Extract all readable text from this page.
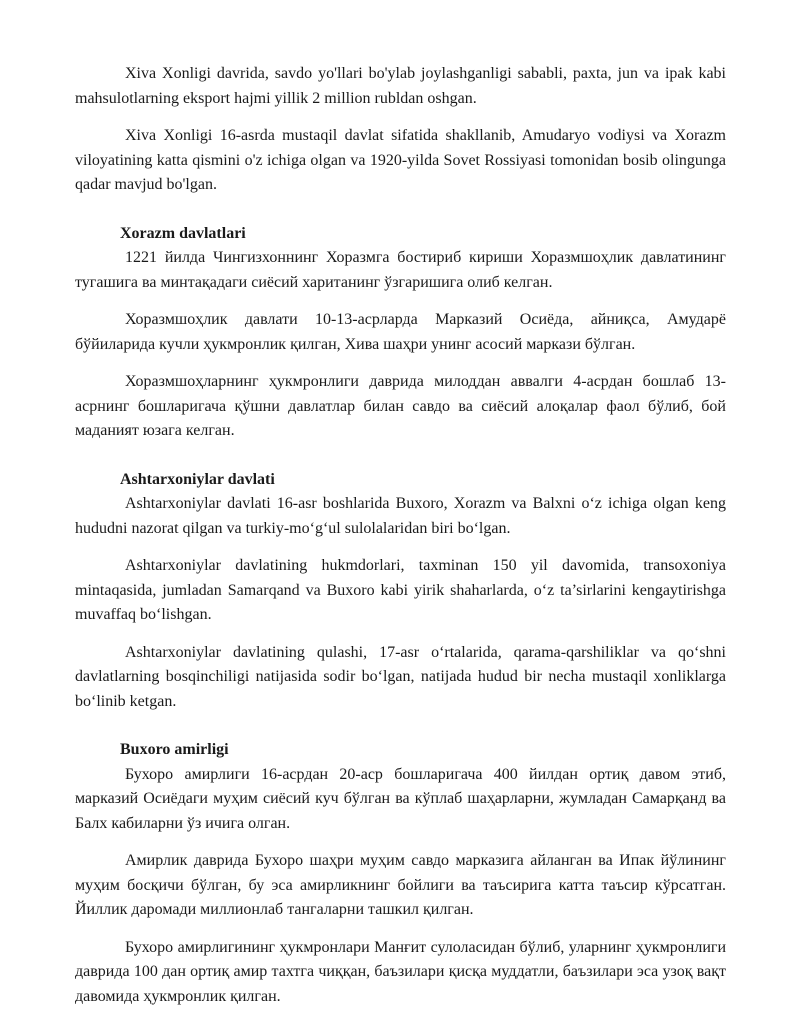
Xiva Xonligi davrida, savdo yo'llari bo'ylab joylashganligi sababli, paxta, jun va ipak kabi mahsulotlarning eksport hajmi yillik 2 million rubldan oshgan.

Xiva Xonligi 16-asrda mustaqil davlat sifatida shakllanib, Amudaryo vodiysi va Xorazm viloyatining katta qismini o'z ichiga olgan va 1920-yilda Sovet Rossiyasi tomonidan bosib olingunga qadar mavjud bo'lgan.

Xorazm davlatlari

1221 йилда Чингизхоннинг Хоразмга бостириб кириши Хоразмшоҳлик давлатининг тугашига ва минтақадаги сиёсий хаританинг ўзгаришига олиб келган.

Хоразмшоҳлик давлати 10-13-асрларда Марказий Осиёда, айниқса, Амударё бўйиларида кучли ҳукмронлик қилган, Хива шаҳри унинг асосий маркази бўлган.

Хоразмшоҳларнинг ҳукмронлиги даврида милоддан аввалги 4-асрдан бошлаб 13-асрнинг бошларигача қўшни давлатлар билан савдо ва сиёсий алоқалар фаол бўлиб, бой маданият юзага келган.

Ashtarxoniylar davlati

Ashtarxoniylar davlati 16-asr boshlarida Buxoro, Xorazm va Balxni o‘z ichiga olgan keng hududni nazorat qilgan va turkiy-mo‘g‘ul sulolalaridan biri bo‘lgan.

Ashtarxoniylar davlatining hukmdorlari, taxminan 150 yil davomida, transoxoniya mintaqasida, jumladan Samarqand va Buxoro kabi yirik shaharlarda, o‘z ta’sirlarini kengaytirishga muvaffaq bo‘lishgan.

Ashtarxoniylar davlatining qulashi, 17-asr o‘rtalarida, qarama-qarshiliklar va qo‘shni davlatlarning bosqinchiligi natijasida sodir bo‘lgan, natijada hudud bir necha mustaqil xonliklarga bo‘linib ketgan.

Buxoro amirligi

Бухоро амирлиги 16-асрдан 20-аср бошларигача 400 йилдан ортиқ давом этиб, марказий Осиёдаги муҳим сиёсий куч бўлган ва кўплаб шаҳарларни, жумладан Самарқанд ва Балх кабиларни ўз ичига олган.

Амирлик даврида Бухоро шаҳри муҳим савдо марказига айланган ва Ипак йўлининг муҳим босқичи бўлган, бу эса амирликнинг бойлиги ва таъсирига катта таъсир кўрсатган. Йиллик даромади миллионлаб тангаларни ташкил қилган.

Бухоро амирлигининг ҳукмронлари Манғит сулоласидан бўлиб, уларнинг ҳукмронлиги даврида 100 дан ортиқ амир тахтга чиққан, баъзилари қисқа муддатли, баъзилари эса узоқ вақт давомида ҳукмронлик қилган.
